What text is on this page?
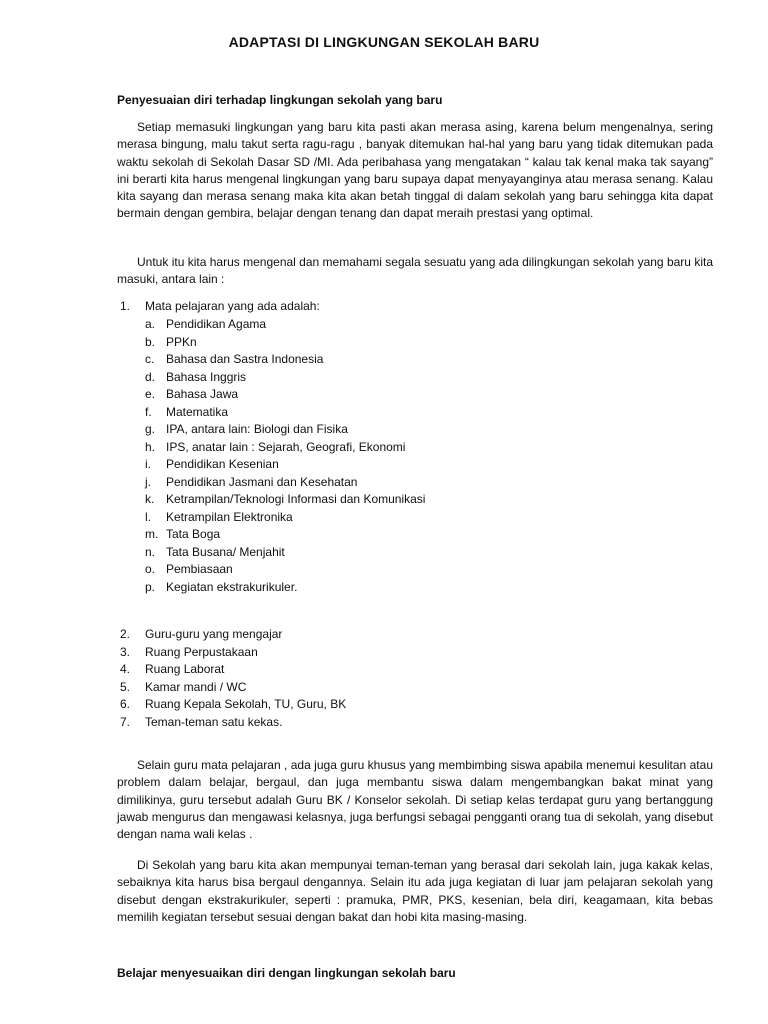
ADAPTASI DI LINGKUNGAN SEKOLAH BARU
Penyesuaian diri terhadap lingkungan sekolah yang baru
Setiap memasuki lingkungan yang baru kita pasti akan merasa asing, karena belum mengenalnya, sering merasa bingung, malu takut serta ragu-ragu , banyak ditemukan hal-hal yang baru yang tidak ditemukan pada waktu sekolah di Sekolah Dasar SD /MI. Ada peribahasa yang mengatakan “ kalau tak kenal maka tak sayang” ini berarti kita harus mengenal lingkungan yang baru supaya dapat menyayanginya atau merasa senang. Kalau kita sayang dan merasa senang maka kita akan betah tinggal di dalam sekolah yang baru sehingga kita dapat bermain dengan gembira, belajar dengan tenang dan dapat meraih prestasi yang optimal.
Untuk itu kita harus mengenal dan memahami segala sesuatu yang ada dilingkungan sekolah yang baru kita masuki, antara lain :
1. Mata pelajaran yang ada adalah:
a. Pendidikan Agama
b. PPKn
c. Bahasa dan Sastra Indonesia
d. Bahasa Inggris
e. Bahasa Jawa
f. Matematika
g. IPA, antara lain: Biologi dan Fisika
h. IPS, anatar lain : Sejarah, Geografi, Ekonomi
i. Pendidikan Kesenian
j. Pendidikan Jasmani dan Kesehatan
k. Ketrampilan/Teknologi Informasi dan Komunikasi
l. Ketrampilan Elektronika
m. Tata Boga
n. Tata Busana/ Menjahit
o. Pembiasaan
p. Kegiatan ekstrakurikuler.
2. Guru-guru yang mengajar
3. Ruang Perpustakaan
4. Ruang Laborat
5. Kamar mandi / WC
6. Ruang Kepala Sekolah, TU, Guru, BK
7. Teman-teman satu kekas.
Selain guru mata pelajaran , ada juga guru khusus yang membimbing siswa apabila menemui kesulitan atau problem dalam belajar, bergaul, dan juga membantu siswa dalam mengembangkan bakat minat yang dimilikinya, guru tersebut adalah Guru BK / Konselor sekolah. Di setiap kelas terdapat guru yang bertanggung jawab mengurus dan mengawasi kelasnya, juga berfungsi sebagai pengganti orang tua di sekolah, yang disebut dengan nama wali kelas .
Di Sekolah yang baru kita akan mempunyai teman-teman yang berasal dari sekolah lain, juga kakak kelas, sebaiknya kita harus bisa bergaul dengannya. Selain itu ada juga kegiatan di luar jam pelajaran sekolah yang disebut dengan ekstrakurikuler, seperti : pramuka, PMR, PKS, kesenian, bela diri, keagamaan, kita bebas memilih kegiatan tersebut sesuai dengan bakat dan hobi kita masing-masing.
Belajar menyesuaikan diri dengan lingkungan sekolah baru
